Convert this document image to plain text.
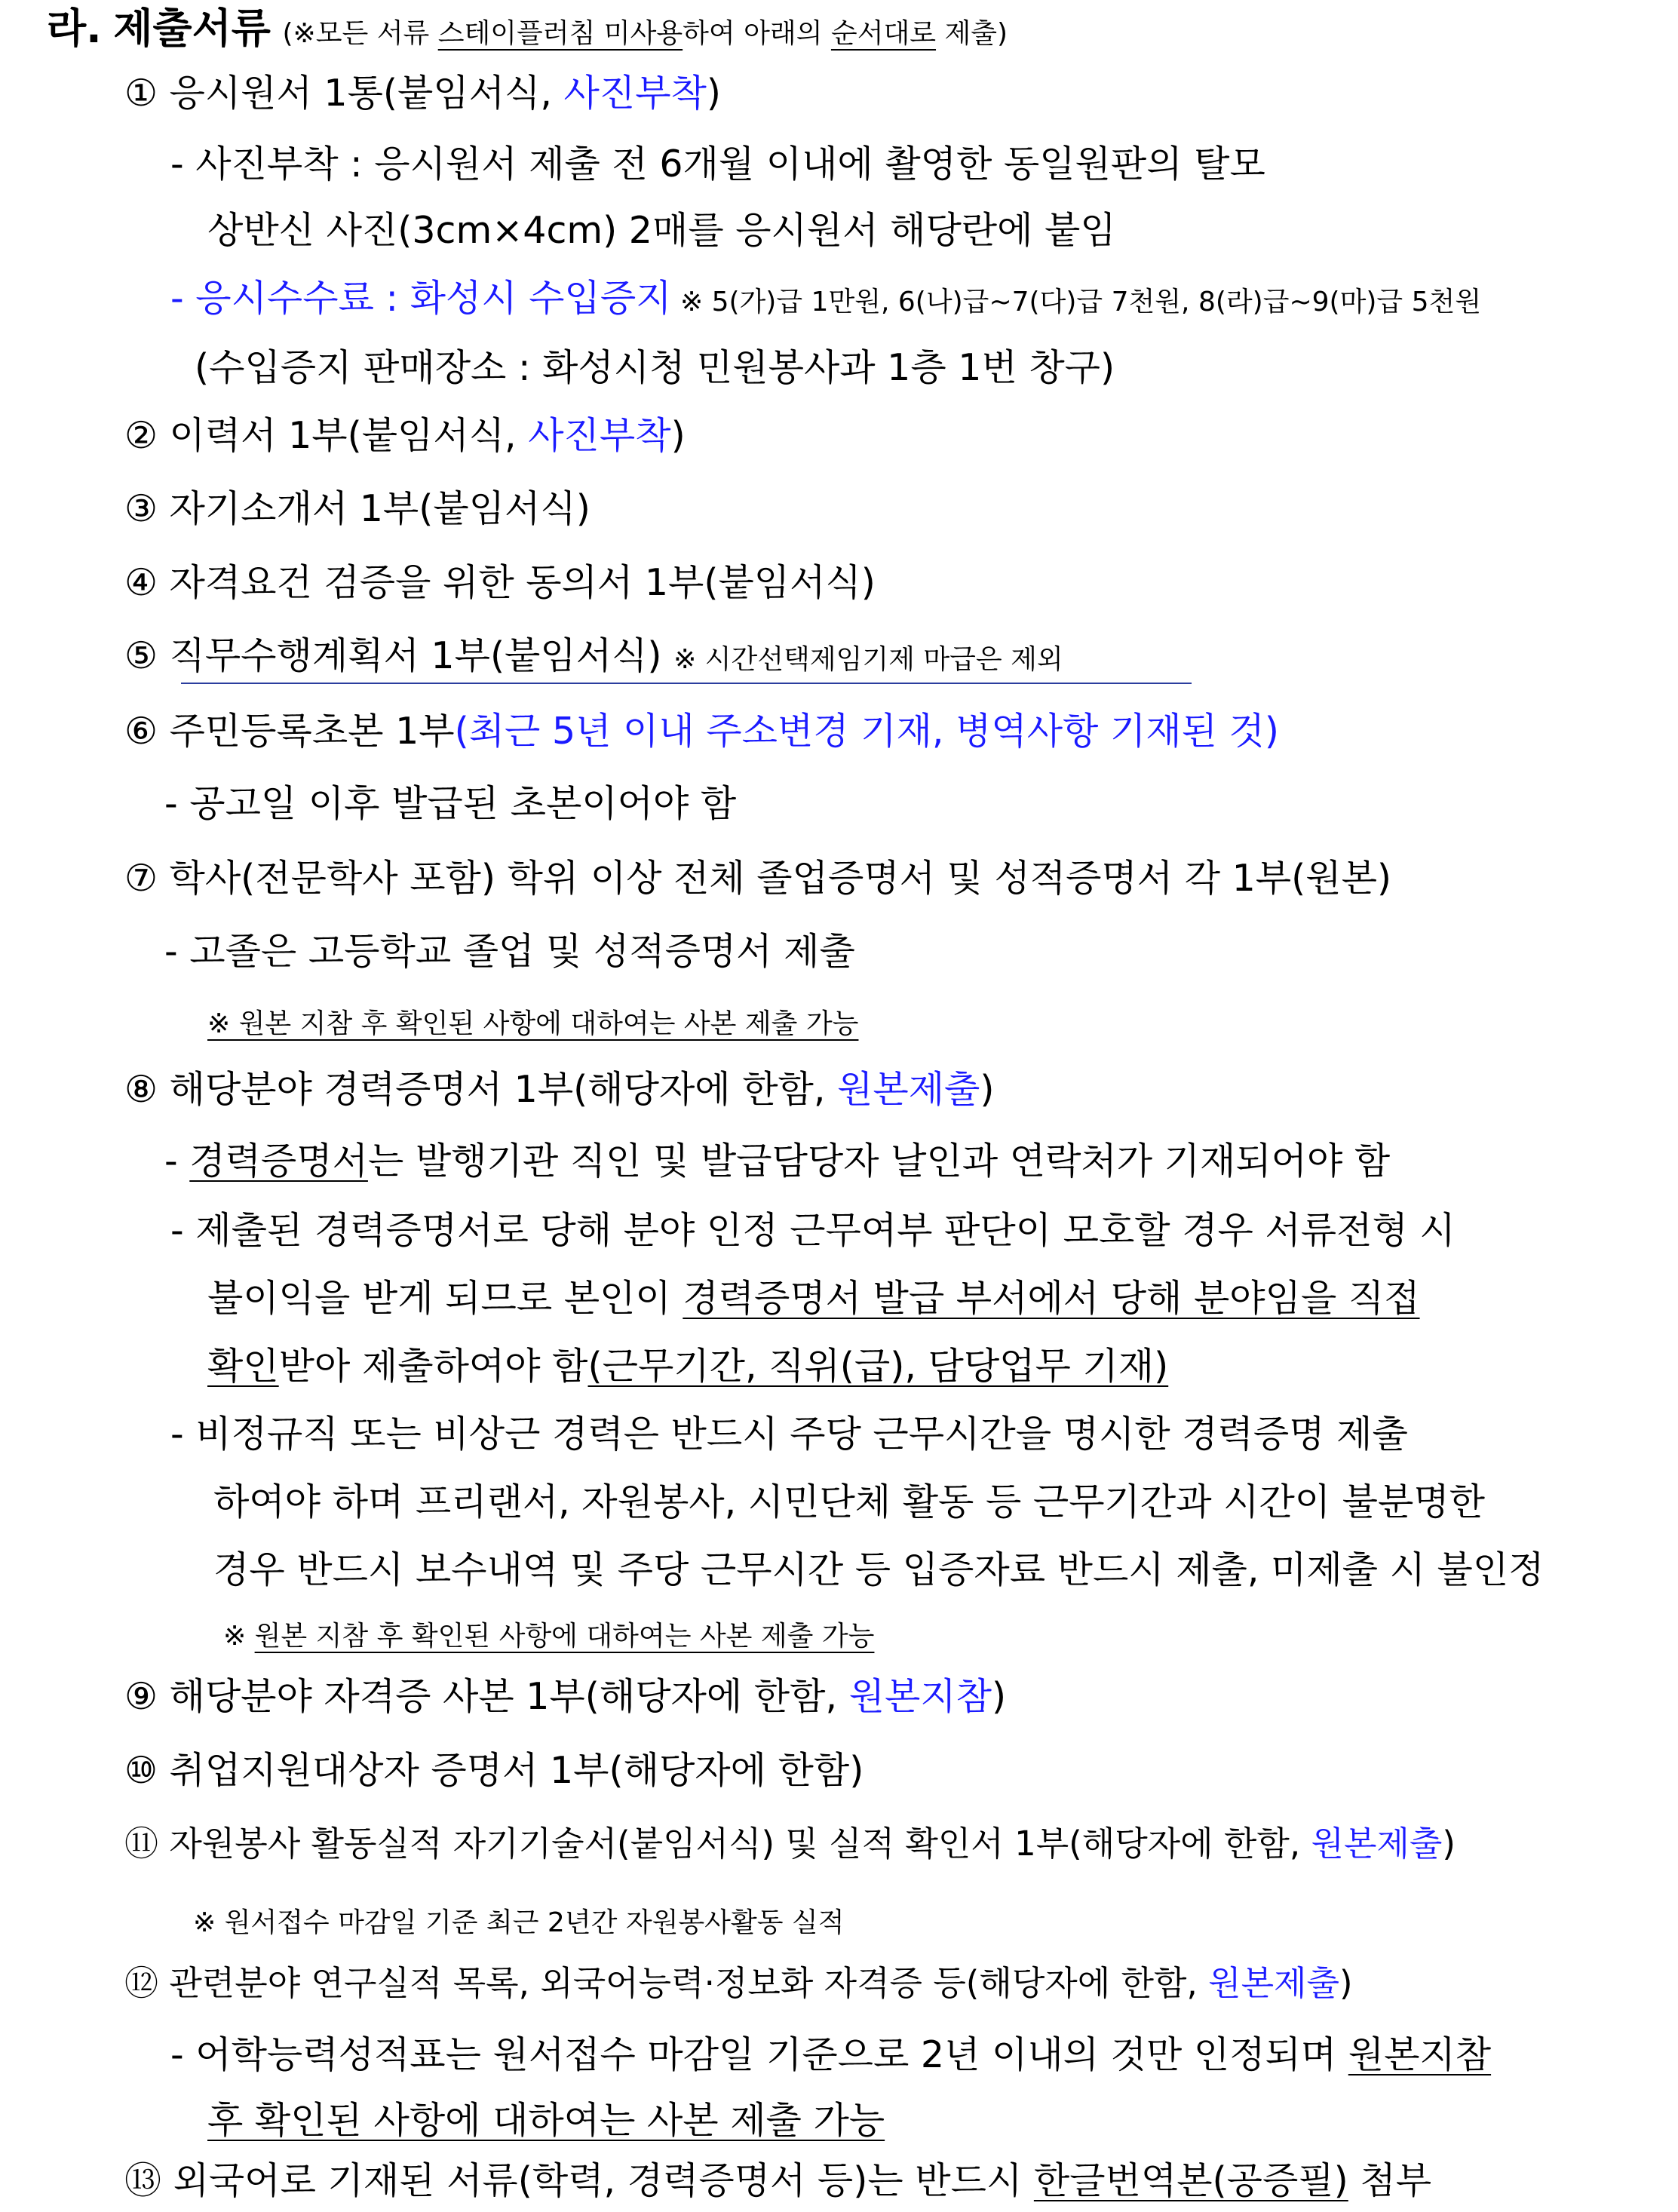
라. 제출서류 (※모든 서류 스테이플러침 미사용하여 아래의 순서대로 제출)
① 응시원서 1통(붙임서식, 사진부착)
- 사진부착 : 응시원서 제출 전 6개월 이내에 촬영한 동일원판의 탈모
상반신 사진(3cm×4cm) 2매를 응시원서 해당란에 붙임
- 응시수수료 : 화성시 수입증지 ※ 5(가)급 1만원, 6(나)급~7(다)급 7천원, 8(라)급~9(마)급 5천원
(수입증지 판매장소 : 화성시청 민원봉사과 1층 1번 창구)
② 이력서 1부(붙임서식, 사진부착)
③ 자기소개서 1부(붙임서식)
④ 자격요건 검증을 위한 동의서 1부(붙임서식)
⑤ 직무수행계획서 1부(붙임서식) ※ 시간선택제임기제 마급은 제외
⑥ 주민등록초본 1부(최근 5년 이내 주소변경 기재, 병역사항 기재된 것)
- 공고일 이후 발급된 초본이어야 함
⑦ 학사(전문학사 포함) 학위 이상 전체 졸업증명서 및 성적증명서 각 1부(원본)
- 고졸은 고등학교 졸업 및 성적증명서 제출
※ 원본 지참 후 확인된 사항에 대하여는 사본 제출 가능
⑧ 해당분야 경력증명서 1부(해당자에 한함, 원본제출)
- 경력증명서는 발행기관 직인 및 발급담당자 날인과 연락처가 기재되어야 함
- 제출된 경력증명서로 당해 분야 인정 근무여부 판단이 모호할 경우 서류전형 시
불이익을 받게 되므로 본인이 경력증명서 발급 부서에서 당해 분야임을 직접
확인받아 제출하여야 함(근무기간, 직위(급), 담당업무 기재)
- 비정규직 또는 비상근 경력은 반드시 주당 근무시간을 명시한 경력증명 제출
하여야 하며 프리랜서, 자원봉사, 시민단체 활동 등 근무기간과 시간이 불분명한
경우 반드시 보수내역 및 주당 근무시간 등 입증자료 반드시 제출, 미제출 시 불인정
※ 원본 지참 후 확인된 사항에 대하여는 사본 제출 가능
⑨ 해당분야 자격증 사본 1부(해당자에 한함, 원본지참)
⑩ 취업지원대상자 증명서 1부(해당자에 한함)
⑪ 자원봉사 활동실적 자기기술서(붙임서식) 및 실적 확인서 1부(해당자에 한함, 원본제출)
※ 원서접수 마감일 기준 최근 2년간 자원봉사활동 실적
⑫ 관련분야 연구실적 목록, 외국어능력·정보화 자격증 등(해당자에 한함, 원본제출)
- 어학능력성적표는 원서접수 마감일 기준으로 2년 이내의 것만 인정되며 원본지참
후 확인된 사항에 대하여는 사본 제출 가능
⑬ 외국어로 기재된 서류(학력, 경력증명서 등)는 반드시 한글번역본(공증필) 첨부
